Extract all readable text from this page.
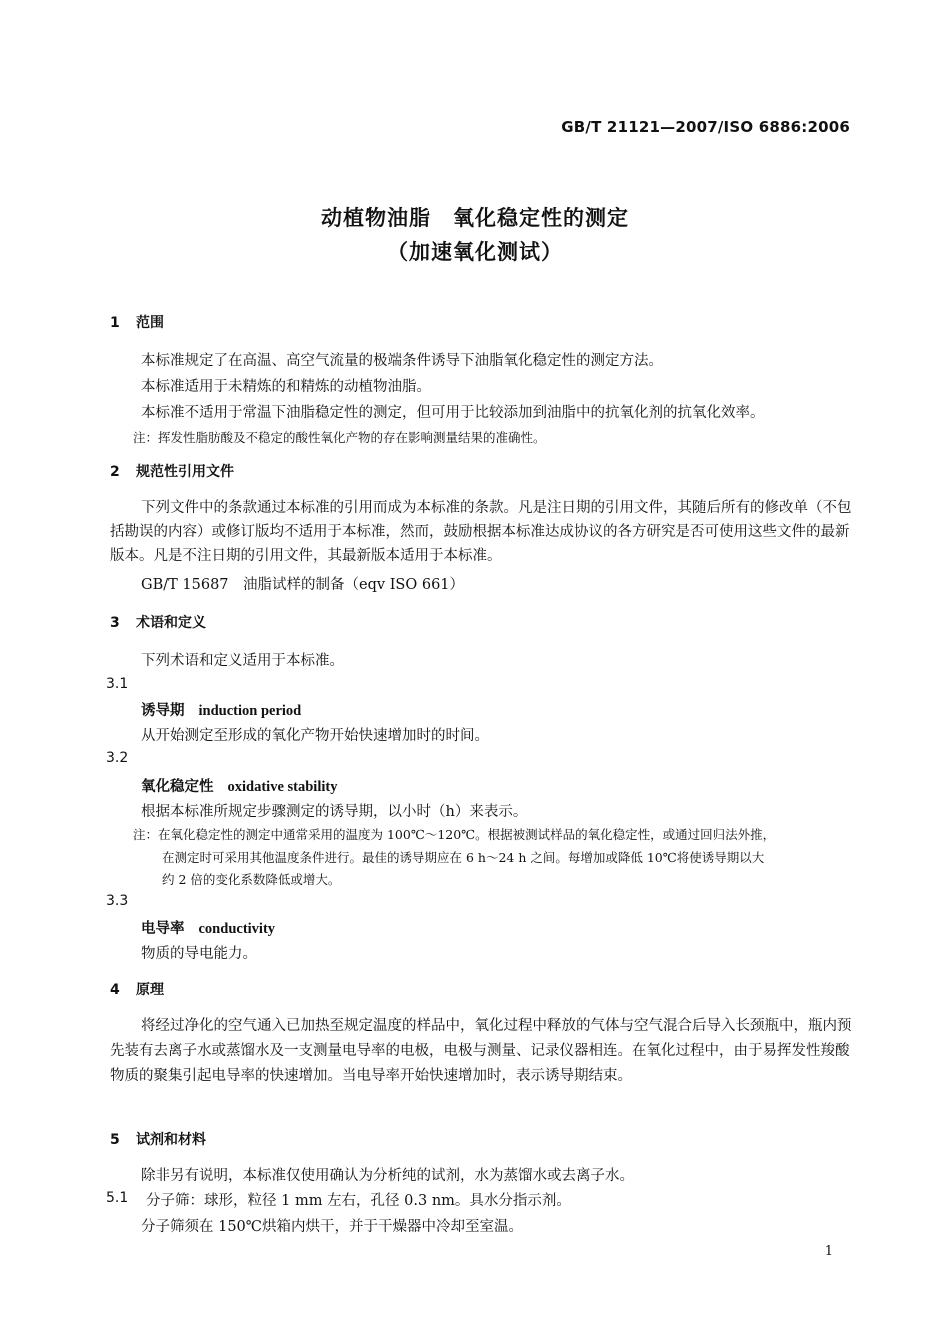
GB/T 21121—2007/ISO 6886:2006
动植物油脂　氧化稳定性的测定
（加速氧化测试）
1 范围
本标准规定了在高温、高空气流量的极端条件诱导下油脂氧化稳定性的测定方法。
本标准适用于未精炼的和精炼的动植物油脂。
本标准不适用于常温下油脂稳定性的测定，但可用于比较添加到油脂中的抗氧化剂的抗氧化效率。
注：挥发性脂肪酸及不稳定的酸性氧化产物的存在影响测量结果的准确性。
2 规范性引用文件
下列文件中的条款通过本标准的引用而成为本标准的条款。凡是注日期的引用文件，其随后所有的修改单（不包括勘误的内容）或修订版均不适用于本标准，然而，鼓励根据本标准达成协议的各方研究是否可使用这些文件的最新版本。凡是不注日期的引用文件，其最新版本适用于本标准。
GB/T 15687　油脂试样的制备（eqv ISO 661）
3 术语和定义
下列术语和定义适用于本标准。
3.1
诱导期 induction period
从开始测定至形成的氧化产物开始快速增加时的时间。
3.2
氧化稳定性 oxidative stability
根据本标准所规定步骤测定的诱导期，以小时（h）来表示。
注：在氧化稳定性的测定中通常采用的温度为 100℃～120℃。根据被测试样品的氧化稳定性，或通过回归法外推，
在测定时可采用其他温度条件进行。最佳的诱导期应在 6 h～24 h 之间。每增加或降低 10℃将使诱导期以大
约 2 倍的变化系数降低或增大。
3.3
电导率 conductivity
物质的导电能力。
4 原理
将经过净化的空气通入已加热至规定温度的样品中，氧化过程中释放的气体与空气混合后导入长颈瓶中，瓶内预先装有去离子水或蒸馏水及一支测量电导率的电极，电极与测量、记录仪器相连。在氧化过程中，由于易挥发性羧酸物质的聚集引起电导率的快速增加。当电导率开始快速增加时，表示诱导期结束。
5 试剂和材料
除非另有说明，本标准仅使用确认为分析纯的试剂，水为蒸馏水或去离子水。
5.1 分子筛：球形，粒径 1 mm 左右，孔径 0.3 nm。具水分指示剂。
分子筛须在 150℃烘箱内烘干，并于干燥器中冷却至室温。
1
